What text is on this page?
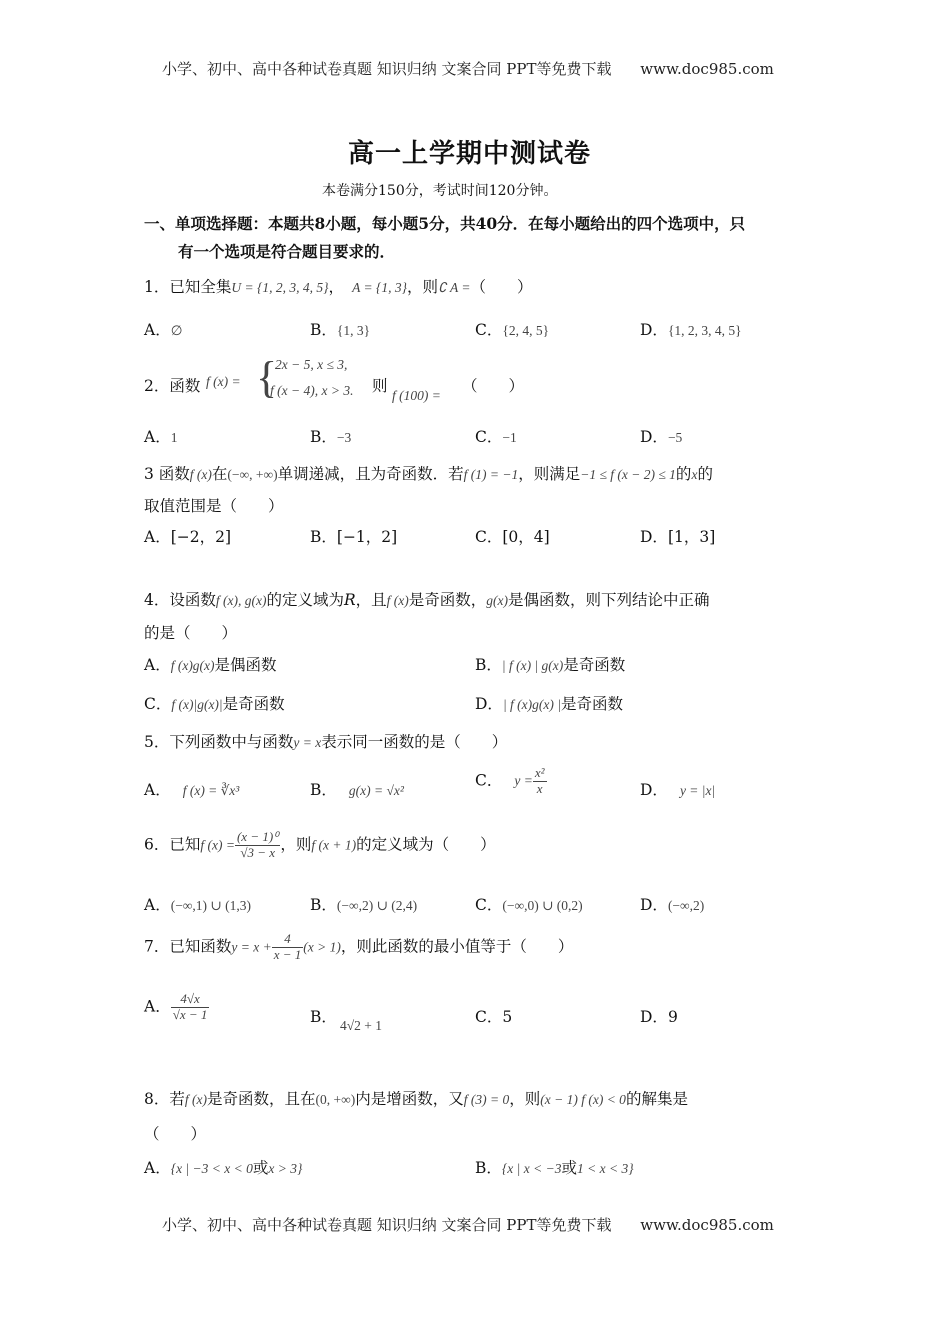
小学、初中、高中各种试卷真题 知识归纳 文案合同 PPT等免费下载 www.doc985.com
高一上学期中测试卷
本卷满分150分，考试时间120分钟。
一、单项选择题：本题共8小题，每小题5分，共40分．在每小题给出的四个选项中，只
有一个选项是符合题目要求的．
1．已知全集U = {1, 2, 3, 4, 5}， A = {1, 3}，则∁ A =（　　）
A．∅	B．{1, 3}	C．{2, 4, 5}	D．{1, 2, 3, 4, 5}
2．函数 f (x) = {
2x − 5, x ≤ 3,
f (x − 4), x > 3. 则
f (100) =
（　　）
A．1	B．−3	C．−1	D．−5
3 函数f (x)在(−∞, +∞)单调递减，且为奇函数．若f (1) = −1，则满足−1 ≤ f (x − 2) ≤ 1的x的
取值范围是（　　）
A．[−2，2]	B．[−1，2]	C．[0，4]	D．[1，3]
4．设函数f (x), g(x)的定义域为R，且f (x)是奇函数，g(x)是偶函数，则下列结论中正确
的是（　　）
A．f (x)g(x)是偶函数	B．| f (x) | g(x)是奇函数
C．f (x)|g(x)|是奇函数	D．| f (x)g(x) |是奇函数
5．下列函数中与函数y = x表示同一函数的是（　　）
A． f (x) = ∛x³	B． g(x) = √x²
C． $y = \frac{\text{x²}}{x}$	D． y = |x|
6．已知f $(x) = \frac{\text{(x − 1)⁰}}{√3 - x}$ ，则f (x + 1)的定义域为（　　）
A．(−∞,1) ∪ (1,3)	B．(−∞,2) ∪ (2,4)	C．(−∞,0) ∪ (0,2)	D．(−∞,2)
7．已知函数$y = x + \frac{4}{x - 1} (x > 1)$，则此函数的最小值等于（　　）
A． $\frac{4√x}{√x - 1}$	B． 4√2 + 1	C．5	D．9
8．若f (x)是奇函数，且在(0, +∞)内是增函数，又f (3) = 0，则(x − 1) f (x) < 0的解集是
（　　）
A．{x | −3 < x < 0或x > 3}	B．{x | x < −3或1 < x < 3}
小学、初中、高中各种试卷真题 知识归纳 文案合同 PPT等免费下载 www.doc985.com
